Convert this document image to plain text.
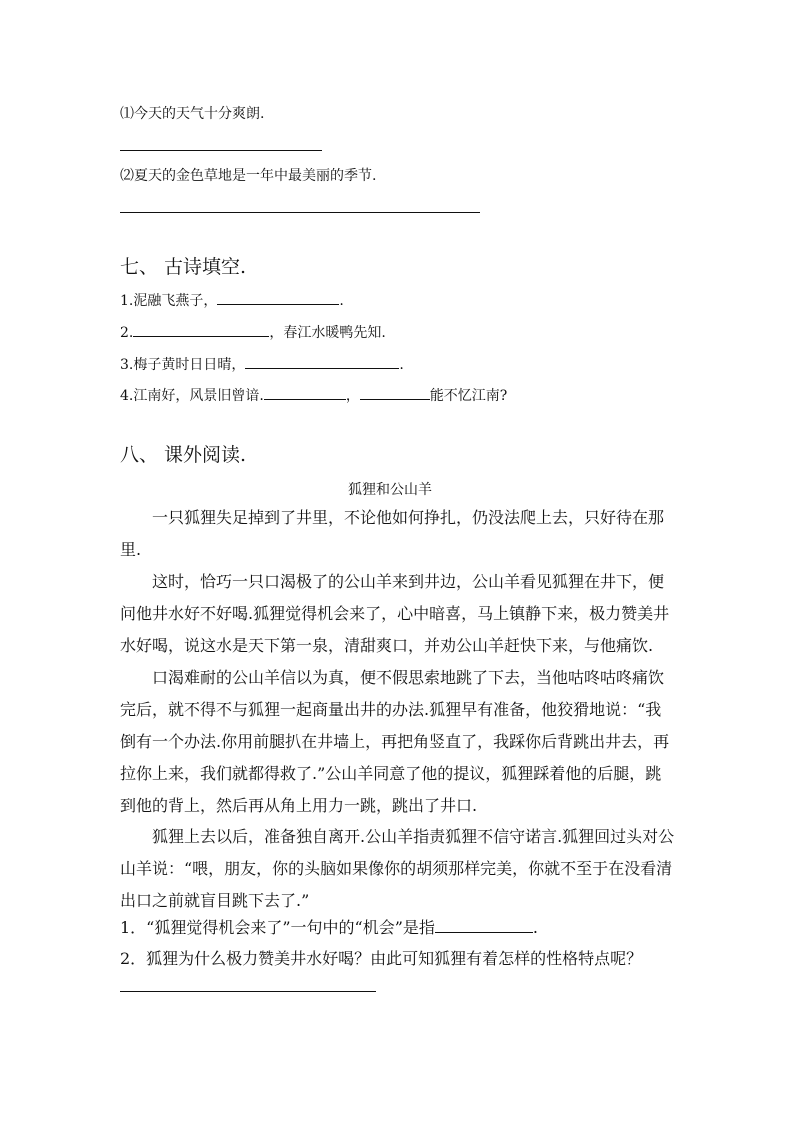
⑴今天的天气十分爽朗.
⑵夏天的金色草地是一年中最美丽的季节.
七、 古诗填空.
1.泥融飞燕子，	.
2.	，春江水暖鸭先知.
3.梅子黄时日日晴，	.
4.江南好，风景旧曾谙.	，	能不忆江南?
八、 课外阅读.
狐狸和公山羊
一只狐狸失足掉到了井里，不论他如何挣扎，仍没法爬上去，只好待在那里.
这时，恰巧一只口渴极了的公山羊来到井边，公山羊看见狐狸在井下，便问他井水好不好喝.狐狸觉得机会来了，心中暗喜，马上镇静下来，极力赞美井水好喝，说这水是天下第一泉，清甜爽口，并劝公山羊赶快下来，与他痛饮.
口渴难耐的公山羊信以为真，便不假思索地跳了下去，当他咕咚咕咚痛饮完后，就不得不与狐狸一起商量出井的办法.狐狸早有准备，他狡猾地说：“我倒有一个办法.你用前腿扒在井墙上，再把角竖直了，我踩你后背跳出井去，再拉你上来，我们就都得救了.”公山羊同意了他的提议，狐狸踩着他的后腿，跳到他的背上，然后再从角上用力一跳，跳出了井口.
狐狸上去以后，准备独自离开.公山羊指责狐狸不信守诺言.狐狸回过头对公山羊说：“喂，朋友，你的头脑如果像你的胡须那样完美，你就不至于在没看清出口之前就盲目跳下去了.”
1．“狐狸觉得机会来了”一句中的“机会”是指	.
2．狐狸为什么极力赞美井水好喝？由此可知狐狸有着怎样的性格特点呢？
